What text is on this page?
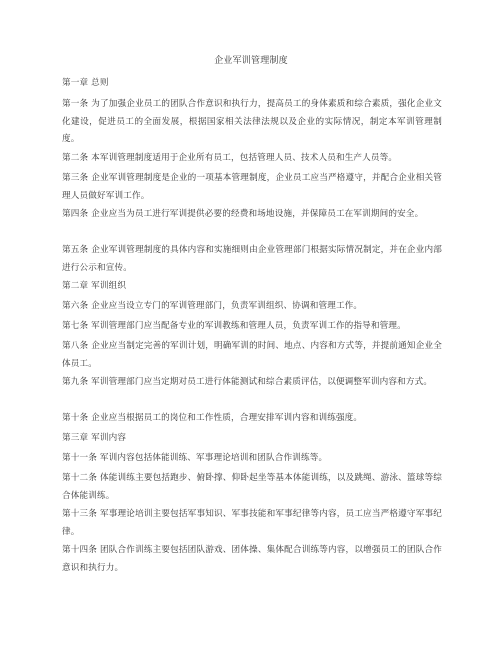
企业军训管理制度
第一章 总则
第一条 为了加强企业员工的团队合作意识和执行力，提高员工的身体素质和综合素质，强化企业文化建设，促进员工的全面发展，根据国家相关法律法规以及企业的实际情况，制定本军训管理制度。
第二条 本军训管理制度适用于企业所有员工，包括管理人员、技术人员和生产人员等。
第三条 企业军训管理制度是企业的一项基本管理制度，企业员工应当严格遵守，并配合企业相关管理人员做好军训工作。
第四条 企业应当为员工进行军训提供必要的经费和场地设施，并保障员工在军训期间的安全。
第五条 企业军训管理制度的具体内容和实施细则由企业管理部门根据实际情况制定，并在企业内部进行公示和宣传。
第二章 军训组织
第六条 企业应当设立专门的军训管理部门，负责军训组织、协调和管理工作。
第七条 军训管理部门应当配备专业的军训教练和管理人员，负责军训工作的指导和管理。
第八条 企业应当制定完善的军训计划，明确军训的时间、地点、内容和方式等，并提前通知企业全体员工。
第九条 军训管理部门应当定期对员工进行体能测试和综合素质评估，以便调整军训内容和方式。
第十条 企业应当根据员工的岗位和工作性质，合理安排军训内容和训练强度。
第三章 军训内容
第十一条 军训内容包括体能训练、军事理论培训和团队合作训练等。
第十二条 体能训练主要包括跑步、俯卧撑、仰卧起坐等基本体能训练，以及跳绳、游泳、篮球等综合体能训练。
第十三条 军事理论培训主要包括军事知识、军事技能和军事纪律等内容，员工应当严格遵守军事纪律。
第十四条 团队合作训练主要包括团队游戏、团体操、集体配合训练等内容，以增强员工的团队合作意识和执行力。
